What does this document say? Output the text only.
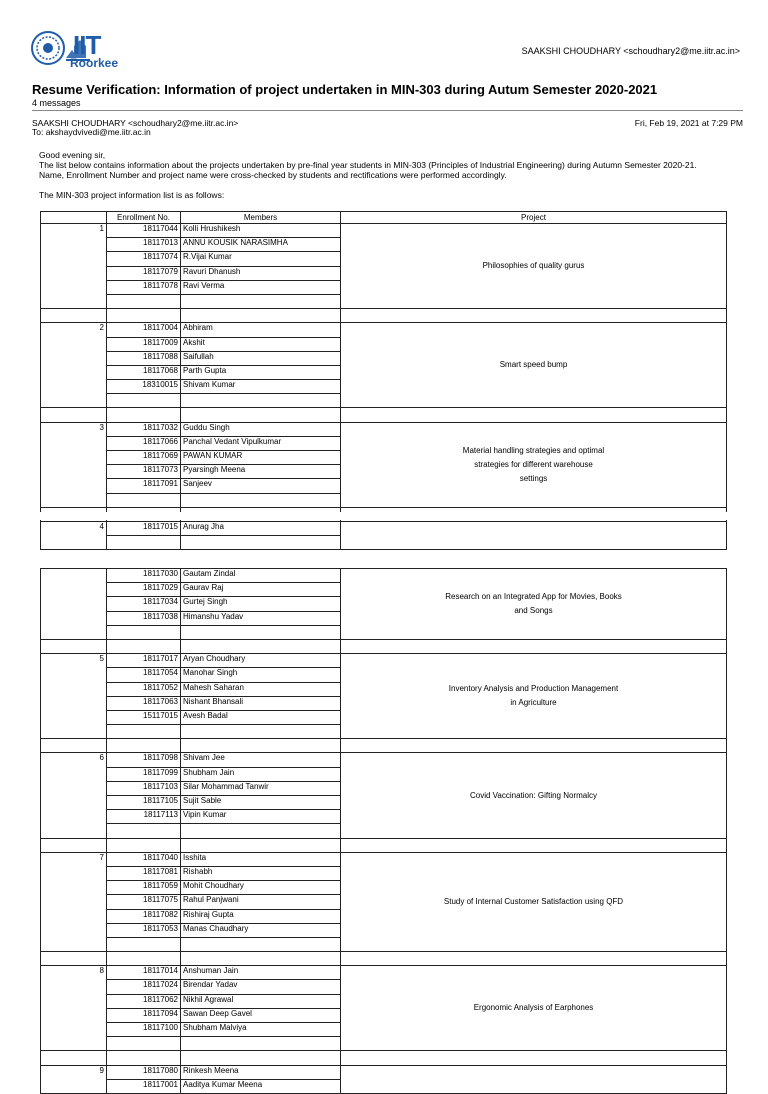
IIT
Roorkee
SAAKSHI CHOUDHARY <schoudhary2@me.iitr.ac.in>
Resume Verification: Information of project undertaken in MIN-303 during Autum Semester 2020-2021
4 messages
SAAKSHI CHOUDHARY <schoudhary2@me.iitr.ac.in>	Fri, Feb 19, 2021 at 7:29 PM
To: akshaydvivedi@me.iitr.ac.in
Good evening sir,
The list below contains information about the projects undertaken by pre-final year students in MIN-303 (Principles of Industrial Engineering) during Autumn Semester 2020-21.
Name, Enrollment Number and project name were cross-checked by students and rectifications were performed accordingly.
The MIN-303 project information list is as follows:
	Enrollment No.	Members	Project
1	18117044	Kolli Hrushikesh	Philosophies of quality gurus
	18117013	ANNU KOUSIK NARASIMHA	
	18117074	R.Vijai Kumar	
	18117079	Ravuri Dhanush	
	18117078	Ravi Verma	

2	18117004	Abhiram	Smart speed bump
	18117009	Akshit	
	18117088	Saifullah	
	18117068	Parth Gupta	
	18310015	Shivam Kumar	

3	18117032	Guddu Singh	Material handling strategies and optimal
strategies for different warehouse
settings
	18117066	Panchal Vedant Vipulkumar	
	18117069	PAWAN KUMAR	
	18117073	Pyarsingh Meena	
	18117091	Sanjeev	

4	18117015	Anurag Jha	

	18117030	Gautam Zindal	Research on an Integrated App for Movies, Books
and Songs
	18117029	Gaurav Raj	
	18117034	Gurtej Singh	
	18117038	Himanshu Yadav	

5	18117017	Aryan Choudhary	Inventory Analysis and Production Management
in Agriculture
	18117054	Manohar Singh	
	18117052	Mahesh Saharan	
	18117063	Nishant Bhansali	
	15117015	Avesh Badal	

6	18117098	Shivam Jee	Covid Vaccination: Gifting Normalcy
	18117099	Shubham Jain	
	18117103	Silar Mohammad Tanwir	
	18117105	Sujit Sable	
	18117113	Vipin Kumar	

7	18117040	Isshita	Study of Internal Customer Satisfaction using QFD
	18117081	Rishabh	
	18117059	Mohit Choudhary	
	18117075	Rahul Panjwani	
	18117082	Rishiraj Gupta	
	18117053	Manas Chaudhary	

8	18117014	Anshuman Jain	Ergonomic Analysis of Earphones
	18117024	Birendar Yadav	
	18117062	Nikhil Agrawal	
	18117094	Sawan Deep Gavel	
	18117100	Shubham Malviya	

9	18117080	Rinkesh Meena	
	18117001	Aaditya Kumar Meena	
